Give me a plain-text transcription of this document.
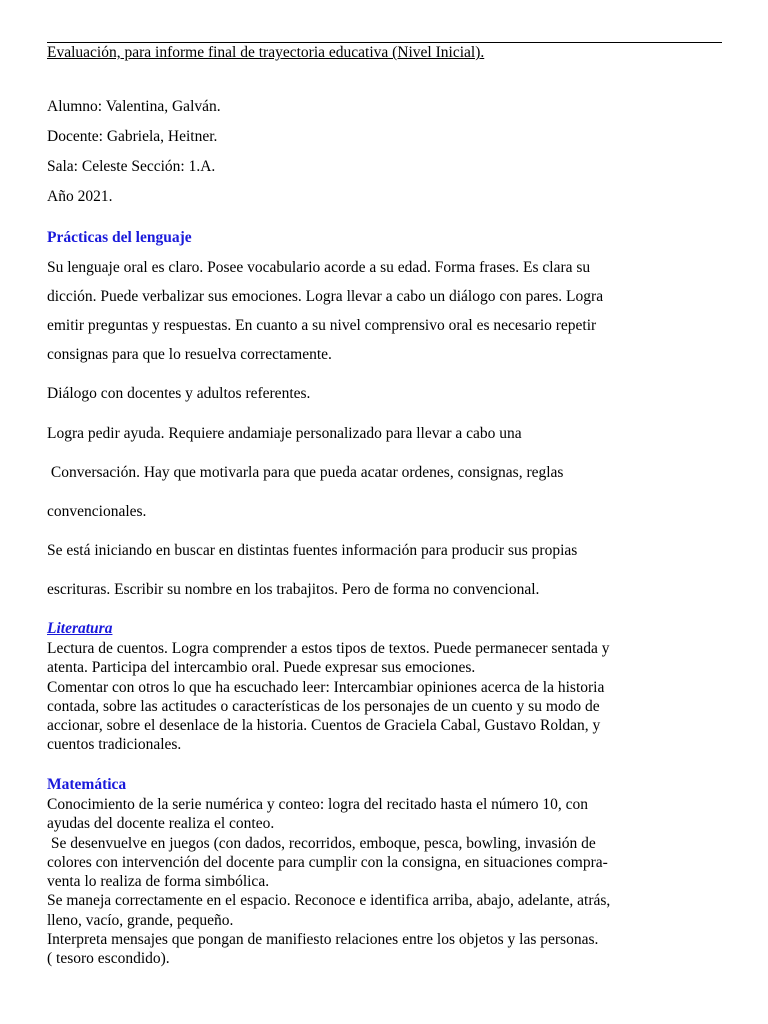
Evaluación, para informe final de trayectoria educativa (Nivel Inicial).
Alumno: Valentina, Galván.
Docente: Gabriela, Heitner.
Sala: Celeste Sección: 1.A.
Año 2021.
Prácticas del lenguaje
Su lenguaje oral es claro. Posee vocabulario acorde a su edad. Forma frases. Es clara su
dicción. Puede verbalizar sus emociones. Logra llevar a cabo un diálogo con pares. Logra
emitir preguntas y respuestas. En cuanto a su nivel comprensivo oral es necesario repetir
consignas para que lo resuelva correctamente.
Diálogo con docentes y adultos referentes.
Logra pedir ayuda. Requiere andamiaje personalizado para llevar a cabo una
Conversación. Hay que motivarla para que pueda acatar ordenes, consignas, reglas
convencionales.
Se está iniciando en buscar en distintas fuentes información para producir sus propias
escrituras. Escribir su nombre en los trabajitos. Pero de forma no convencional.
Literatura

Lectura de cuentos. Logra comprender a estos tipos de textos. Puede permanecer sentada y

atenta. Participa del intercambio oral. Puede expresar sus emociones.

Comentar con otros lo que ha escuchado leer: Intercambiar opiniones acerca de la historia

contada, sobre las actitudes o características de los personajes de un cuento y su modo de

accionar, sobre el desenlace de la historia. Cuentos de Graciela Cabal, Gustavo Roldan, y

cuentos tradicionales.

Matemática

Conocimiento de la serie numérica y conteo: logra del recitado hasta el número 10, con

ayudas del docente realiza el conteo.

Se desenvuelve en juegos (con dados, recorridos, emboque, pesca, bowling, invasión de

colores con intervención del docente para cumplir con la consigna, en situaciones compra-

venta lo realiza de forma simbólica.

Se maneja correctamente en el espacio. Reconoce e identifica arriba, abajo, adelante, atrás,

lleno, vacío, grande, pequeño.

Interpreta mensajes que pongan de manifiesto relaciones entre los objetos y las personas.

( tesoro escondido).
